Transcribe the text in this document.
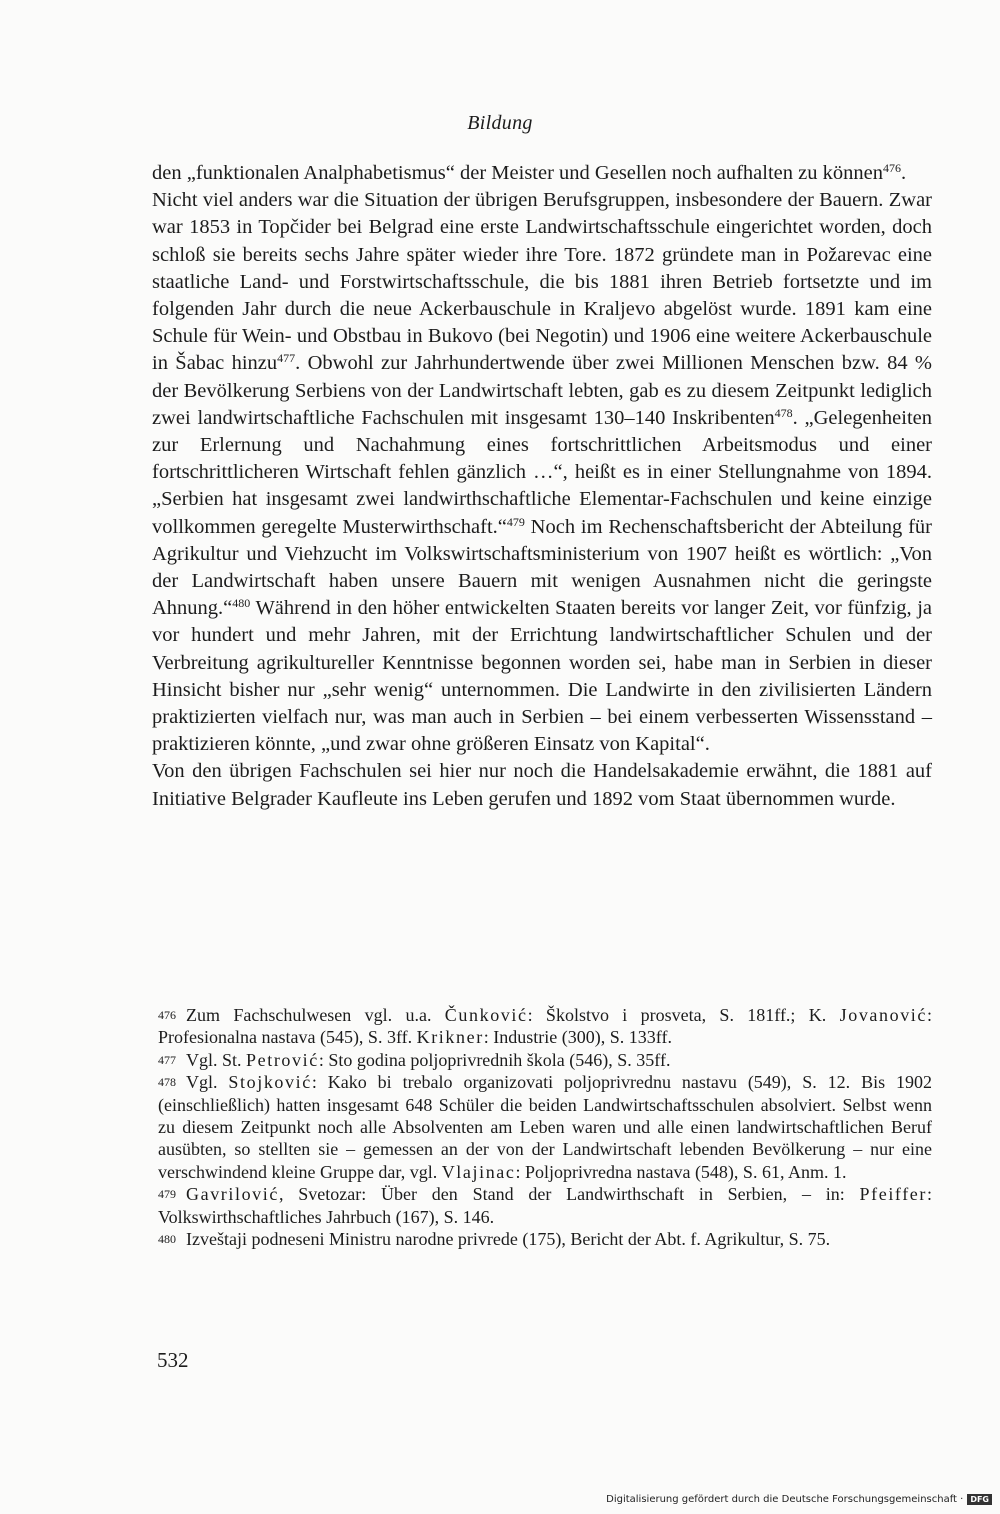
Bildung

den „funktionalen Analphabetismus“ der Meister und Gesellen noch aufhalten zu können$^{476}$.

Nicht viel anders war die Situation der übrigen Berufsgruppen, insbesondere der Bauern. Zwar war 1853 in Topčider bei Belgrad eine erste Landwirtschaftsschule eingerichtet worden, doch schloß sie bereits sechs Jahre später wieder ihre Tore. 1872 gründete man in Požarevac eine staatliche Land- und Forstwirtschaftsschule, die bis 1881 ihren Betrieb fortsetzte und im folgenden Jahr durch die neue Ackerbauschule in Kraljevo abgelöst wurde. 1891 kam eine Schule für Wein- und Obstbau in Bukovo (bei Negotin) und 1906 eine weitere Ackerbauschule in Šabac hinzu$^{477}$. Obwohl zur Jahrhundertwende über zwei Millionen Menschen bzw. 84 % der Bevölkerung Serbiens von der Landwirtschaft lebten, gab es zu diesem Zeitpunkt lediglich zwei landwirtschaftliche Fachschulen mit insgesamt 130–140 Inskribenten$^{478}$. „Gelegenheiten zur Erlernung und Nachahmung eines fortschrittlichen Arbeitsmodus und einer fortschrittlicheren Wirtschaft fehlen gänzlich …“, heißt es in einer Stellungnahme von 1894. „Serbien hat insgesamt zwei landwirthschaftliche Elementar-Fachschulen und keine einzige vollkommen geregelte Musterwirthschaft.“$^{479}$ Noch im Rechenschaftsbericht der Abteilung für Agrikultur und Viehzucht im Volkswirtschaftsministerium von 1907 heißt es wörtlich: „Von der Landwirtschaft haben unsere Bauern mit wenigen Ausnahmen nicht die geringste Ahnung.“$^{480}$ Während in den höher entwickelten Staaten bereits vor langer Zeit, vor fünfzig, ja vor hundert und mehr Jahren, mit der Errichtung landwirtschaftlicher Schulen und der Verbreitung agrikultureller Kenntnisse begonnen worden sei, habe man in Serbien in dieser Hinsicht bisher nur „sehr wenig“ unternommen. Die Landwirte in den zivilisierten Ländern praktizierten vielfach nur, was man auch in Serbien – bei einem verbesserten Wissensstand – praktizieren könnte, „und zwar ohne größeren Einsatz von Kapital“.

Von den übrigen Fachschulen sei hier nur noch die Handelsakademie erwähnt, die 1881 auf Initiative Belgrader Kaufleute ins Leben gerufen und 1892 vom Staat übernommen wurde.

476 Zum Fachschulwesen vgl. u.a. Čunković: Školstvo i prosveta, S. 181ff.; K. Jovanović: Profesionalna nastava (545), S. 3ff. Krikner: Industrie (300), S. 133ff.

477 Vgl. St. Petrović: Sto godina poljoprivrednih škola (546), S. 35ff.

478 Vgl. Stojković: Kako bi trebalo organizovati poljoprivrednu nastavu (549), S. 12. Bis 1902 (einschließlich) hatten insgesamt 648 Schüler die beiden Landwirtschaftsschulen absolviert. Selbst wenn zu diesem Zeitpunkt noch alle Absolventen am Leben waren und alle einen landwirtschaftlichen Beruf ausübten, so stellten sie – gemessen an der von der Landwirtschaft lebenden Bevölkerung – nur eine verschwindend kleine Gruppe dar, vgl. Vlajinac: Poljoprivredna nastava (548), S. 61, Anm. 1.

479 Gavrilović, Svetozar: Über den Stand der Landwirthschaft in Serbien, – in: Pfeiffer: Volkswirthschaftliches Jahrbuch (167), S. 146.

480 Izveštaji podneseni Ministru narodne privrede (175), Bericht der Abt. f. Agrikultur, S. 75.

532
Digitalisierung gefördert durch die Deutsche Forschungsgemeinschaft · DFG
